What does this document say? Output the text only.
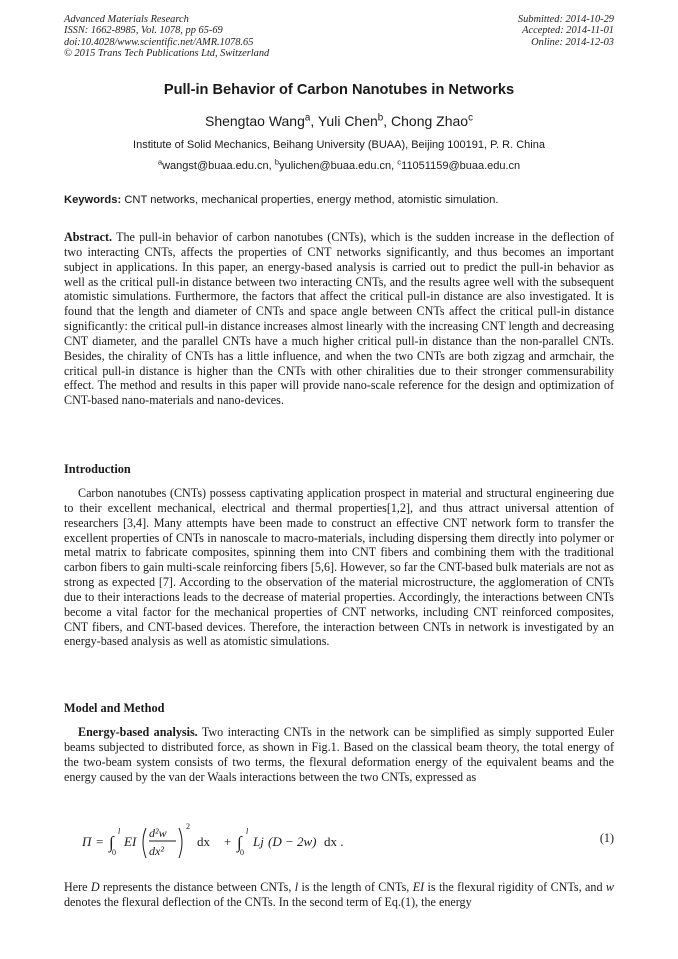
Advanced Materials Research
ISSN: 1662-8985, Vol. 1078, pp 65-69
doi:10.4028/www.scientific.net/AMR.1078.65
© 2015 Trans Tech Publications Ltd, Switzerland
Submitted: 2014-10-29
Accepted: 2014-11-01
Online: 2014-12-03
Pull-in Behavior of Carbon Nanotubes in Networks
Shengtao Wang$^a$, Yuli Chen$^b$, Chong Zhao$^c$
Institute of Solid Mechanics, Beihang University (BUAA), Beijing 100191, P. R. China
$^a$wangst@buaa.edu.cn, $^b$yulichen@buaa.edu.cn, $^c$11051159@buaa.edu.cn
Keywords: CNT networks, mechanical properties, energy method, atomistic simulation.
Abstract. The pull-in behavior of carbon nanotubes (CNTs), which is the sudden increase in the deflection of two interacting CNTs, affects the properties of CNT networks significantly, and thus becomes an important subject in applications. In this paper, an energy-based analysis is carried out to predict the pull-in behavior as well as the critical pull-in distance between two interacting CNTs, and the results agree well with the subsequent atomistic simulations. Furthermore, the factors that affect the critical pull-in distance are also investigated. It is found that the length and diameter of CNTs and space angle between CNTs affect the critical pull-in distance significantly: the critical pull-in distance increases almost linearly with the increasing CNT length and decreasing CNT diameter, and the parallel CNTs have a much higher critical pull-in distance than the non-parallel CNTs. Besides, the chirality of CNTs has a little influence, and when the two CNTs are both zigzag and armchair, the critical pull-in distance is higher than the CNTs with other chiralities due to their stronger commensurability effect. The method and results in this paper will provide nano-scale reference for the design and optimization of CNT-based nano-materials and nano-devices.
Introduction
Carbon nanotubes (CNTs) possess captivating application prospect in material and structural engineering due to their excellent mechanical, electrical and thermal properties[1,2], and thus attract universal attention of researchers [3,4]. Many attempts have been made to construct an effective CNT network form to transfer the excellent properties of CNTs in nanoscale to macro-materials, including dispersing them directly into polymer or metal matrix to fabricate composites, spinning them into CNT fibers and combining them with the traditional carbon fibers to gain multi-scale reinforcing fibers [5,6]. However, so far the CNT-based bulk materials are not as strong as expected [7]. According to the observation of the material microstructure, the agglomeration of CNTs due to their interactions leads to the decrease of material properties. Accordingly, the interactions between CNTs become a vital factor for the mechanical properties of CNT networks, including CNT reinforced composites, CNT fibers, and CNT-based devices. Therefore, the interaction between CNTs in network is investigated by an energy-based analysis as well as atomistic simulations.
Model and Method
Energy-based analysis. Two interacting CNTs in the network can be simplified as simply supported Euler beams subjected to distributed force, as shown in Fig.1. Based on the classical beam theory, the total energy of the two-beam system consists of two terms, the flexural deformation energy of the equivalent beams and the energy caused by the van der Waals interactions between the two CNTs, expressed as
Π = ∫
l
0
EI
d²w
dx²
2
dx + ∫
l
0
Lj (D − 2w) dx .	(1)
Here D represents the distance between CNTs, l is the length of CNTs, EI is the flexural rigidity of CNTs, and w denotes the flexural deflection of the CNTs. In the second term of Eq.(1), the energy
